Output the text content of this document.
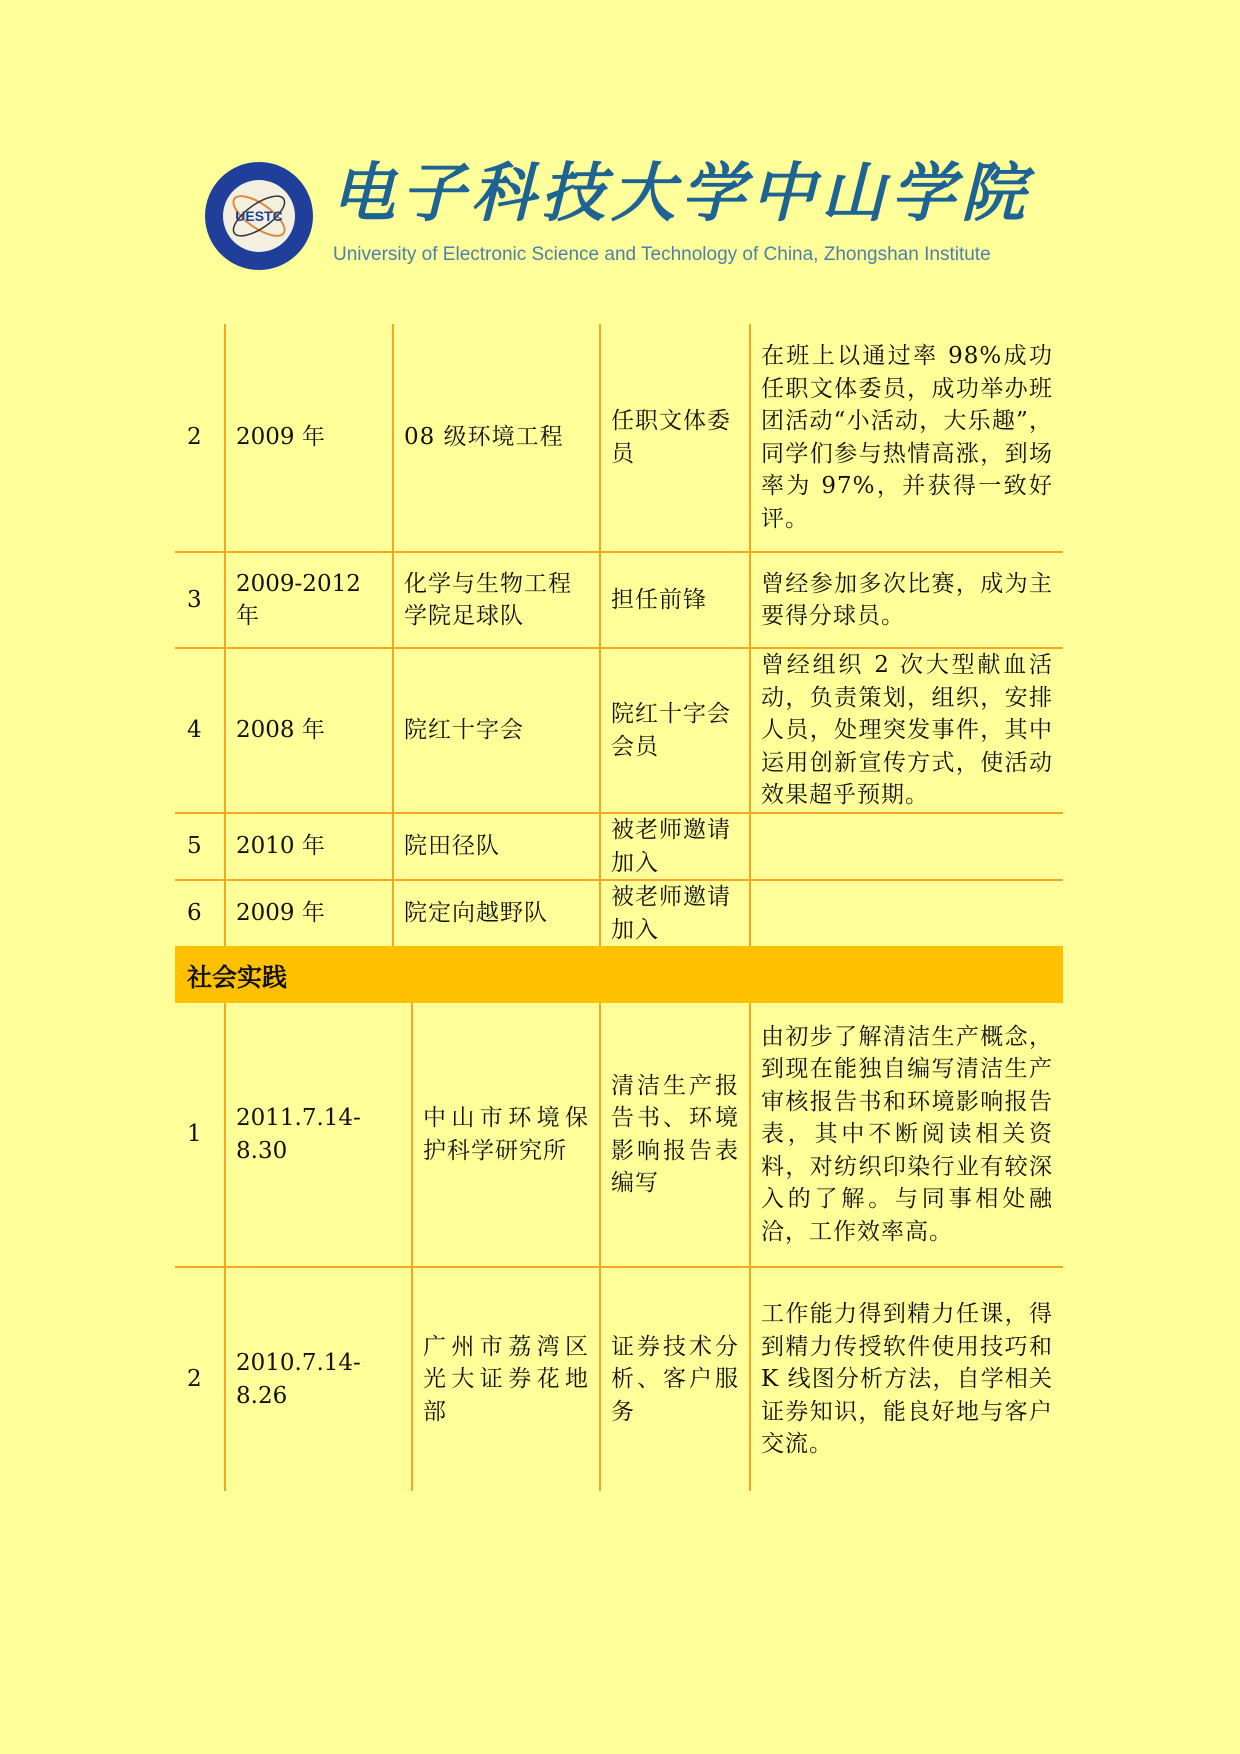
UESTC 电子科技大学中山学院
University of Electronic Science and Technology of China, Zhongshan Institute
2	2009 年	08 级环境工程	任职文体委员	在班上以通过率 98%成功任职文体委员，成功举办班团活动“小活动，大乐趣”，同学们参与热情高涨，到场率为 97%，并获得一致好评。
3	2009-2012 年	化学与生物工程学院足球队	担任前锋	曾经参加多次比赛，成为主要得分球员。
4	2008 年	院红十字会	院红十字会会员	曾经组织 2 次大型献血活动，负责策划，组织，安排人员，处理突发事件，其中运用创新宣传方式，使活动效果超乎预期。
5	2010 年	院田径队	被老师邀请加入	
6	2009 年	院定向越野队	被老师邀请加入	
社会实践
1	2011.7.14-8.30	中山市环境保护科学研究所	清洁生产报告书、环境影响报告表编写	由初步了解清洁生产概念，到现在能独自编写清洁生产审核报告书和环境影响报告表，其中不断阅读相关资料，对纺织印染行业有较深入的了解。与同事相处融洽，工作效率高。
2	2010.7.14-8.26	广州市荔湾区光大证券花地部	证券技术分析、客户服务	工作能力得到精力任课，得到精力传授软件使用技巧和 K 线图分析方法，自学相关证券知识，能良好地与客户交流。
